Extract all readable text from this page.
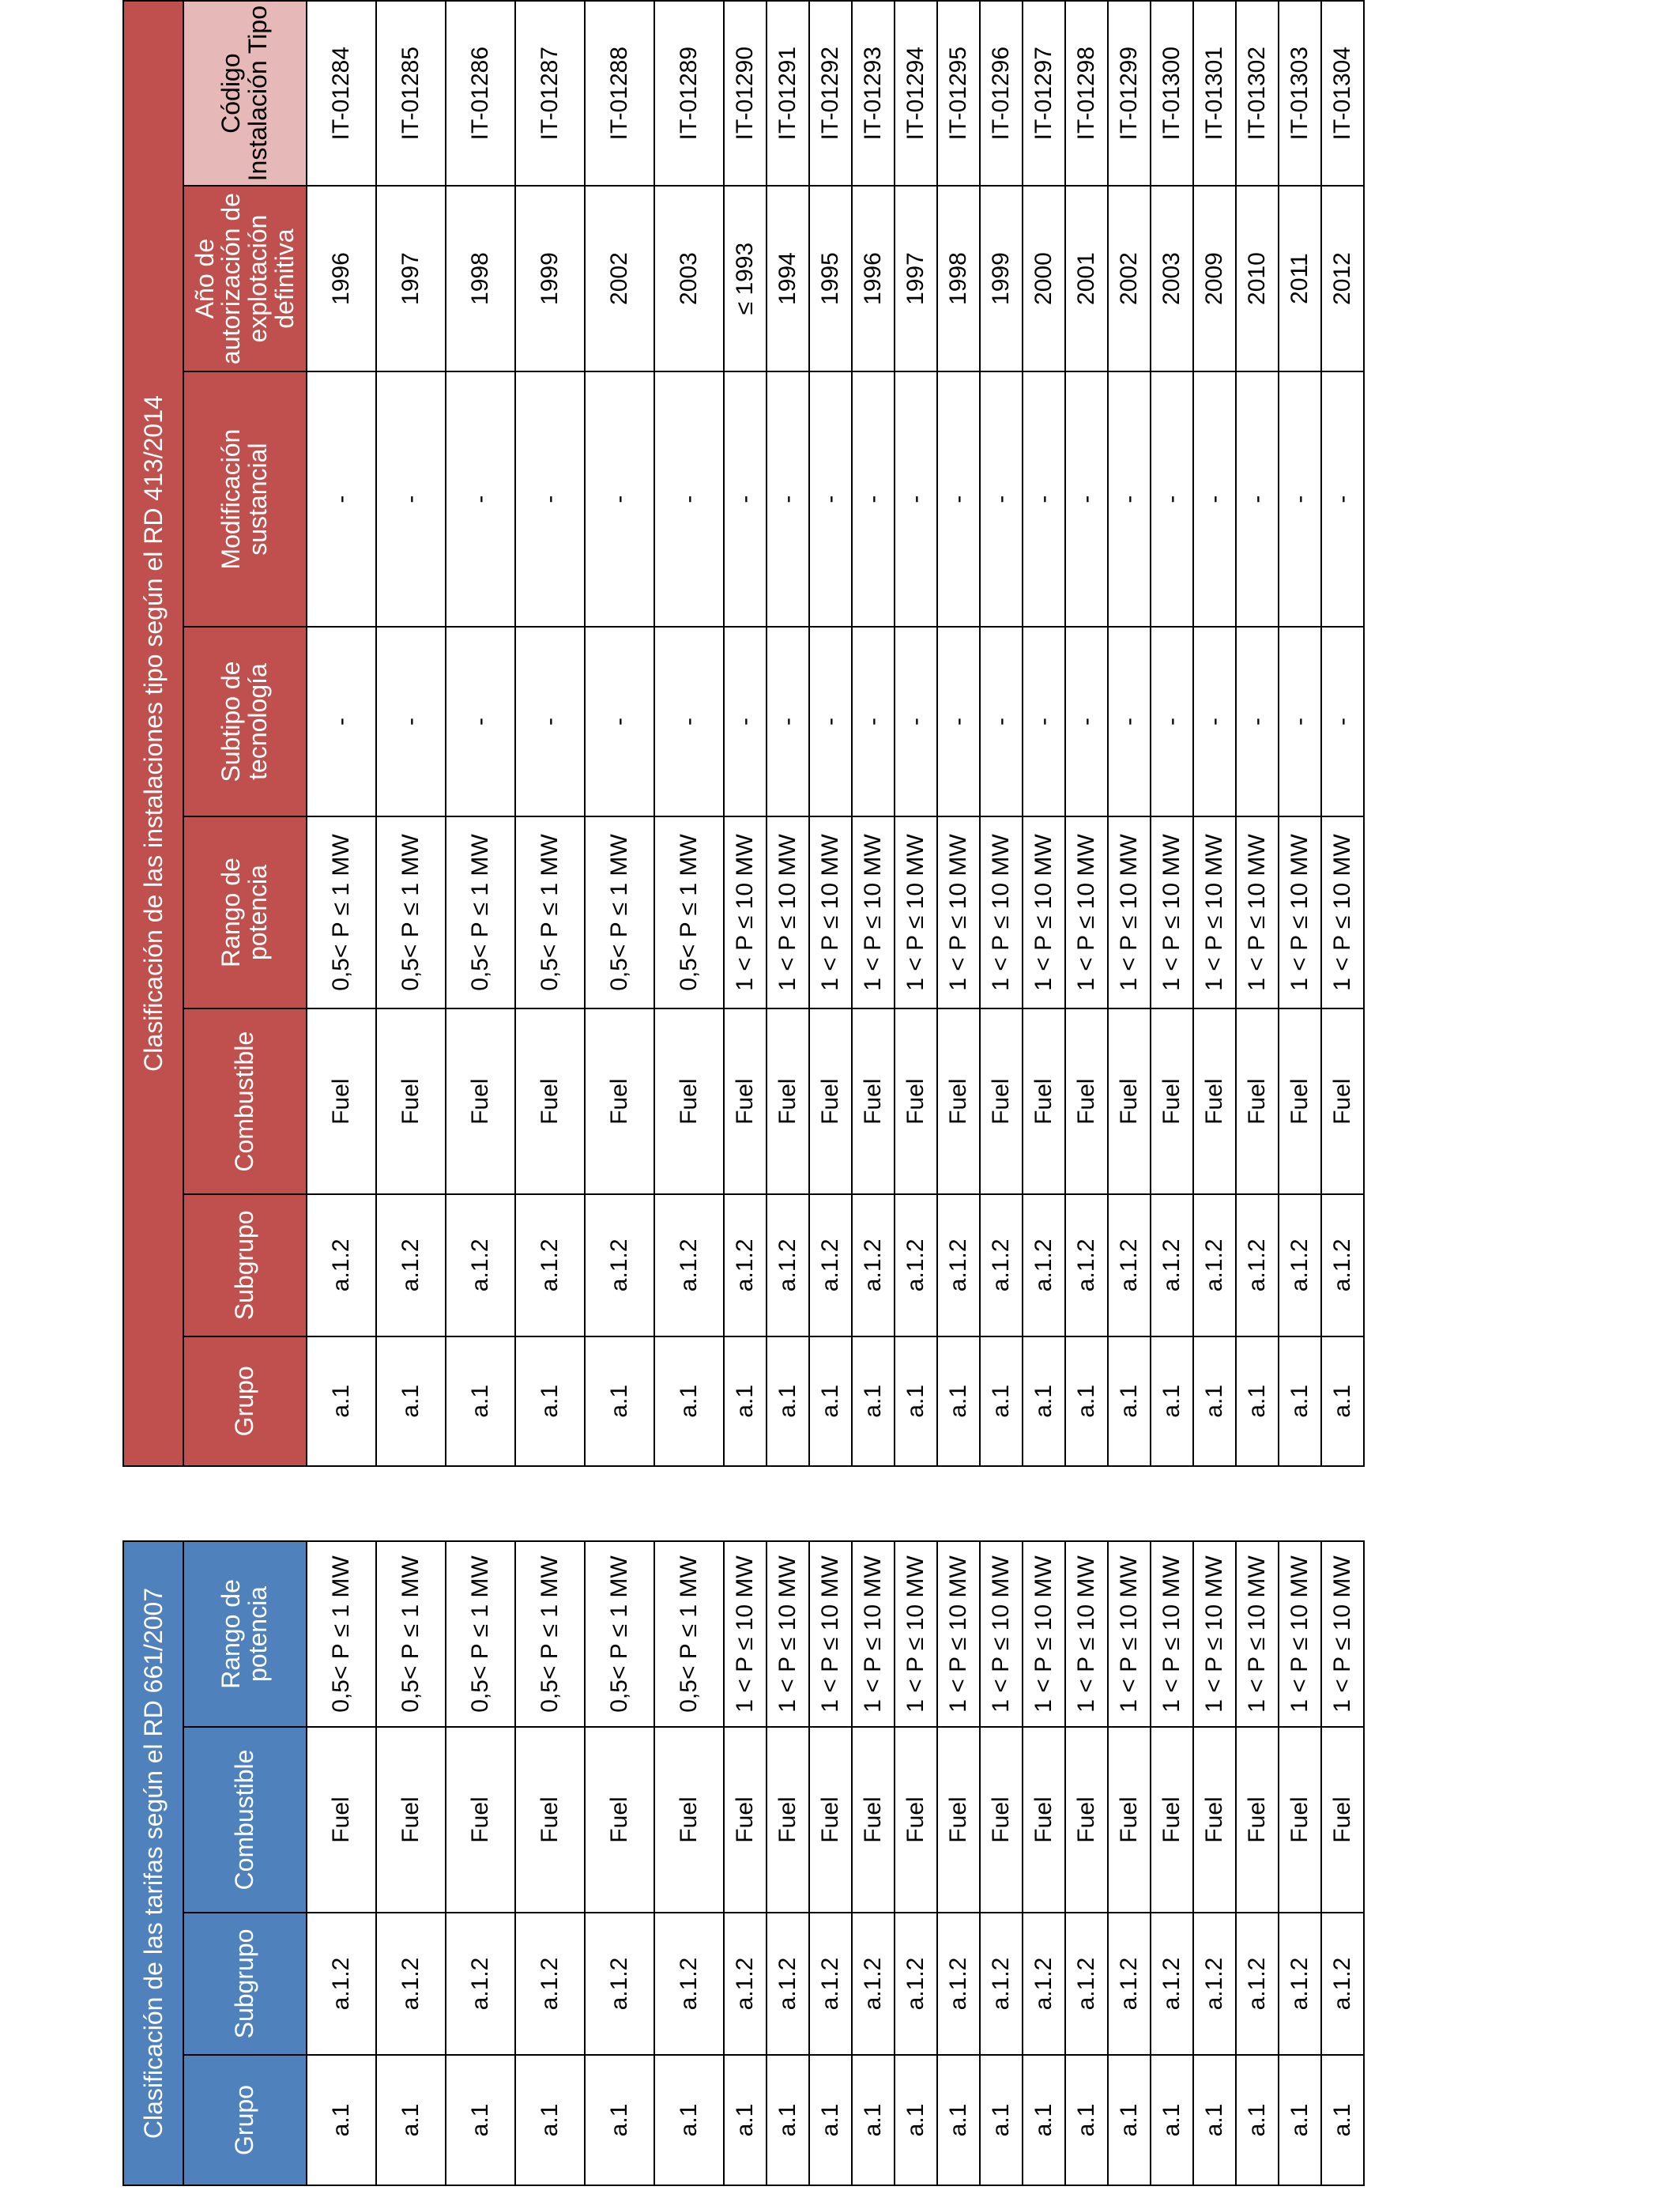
Clasificación de las tarifas según el RD 661/2007			
Grupo	Subgrupo	Combustible	Rango de potencia
a.1	a.1.2	Fuel	0,5< P ≤ 1 MW
a.1	a.1.2	Fuel	0,5< P ≤ 1 MW
a.1	a.1.2	Fuel	0,5< P ≤ 1 MW
a.1	a.1.2	Fuel	0,5< P ≤ 1 MW
a.1	a.1.2	Fuel	0,5< P ≤ 1 MW
a.1	a.1.2	Fuel	0,5< P ≤ 1 MW
a.1	a.1.2	Fuel	1 < P ≤ 10 MW
a.1	a.1.2	Fuel	1 < P ≤ 10 MW
a.1	a.1.2	Fuel	1 < P ≤ 10 MW
a.1	a.1.2	Fuel	1 < P ≤ 10 MW
a.1	a.1.2	Fuel	1 < P ≤ 10 MW
a.1	a.1.2	Fuel	1 < P ≤ 10 MW
a.1	a.1.2	Fuel	1 < P ≤ 10 MW
a.1	a.1.2	Fuel	1 < P ≤ 10 MW
a.1	a.1.2	Fuel	1 < P ≤ 10 MW
a.1	a.1.2	Fuel	1 < P ≤ 10 MW
a.1	a.1.2	Fuel	1 < P ≤ 10 MW
a.1	a.1.2	Fuel	1 < P ≤ 10 MW
a.1	a.1.2	Fuel	1 < P ≤ 10 MW
a.1	a.1.2	Fuel	1 < P ≤ 10 MW
a.1	a.1.2	Fuel	1 < P ≤ 10 MW
Clasificación de las instalaciones tipo según el RD 413/2014							
Grupo	Subgrupo	Combustible	Rango de potencia	Subtipo de tecnología	Modificación sustancial	Año de autorización de explotación definitiva	Código Instalación Tipo
a.1	a.1.2	Fuel	0,5< P ≤ 1 MW	-	-	1996	IT-01284
a.1	a.1.2	Fuel	0,5< P ≤ 1 MW	-	-	1997	IT-01285
a.1	a.1.2	Fuel	0,5< P ≤ 1 MW	-	-	1998	IT-01286
a.1	a.1.2	Fuel	0,5< P ≤ 1 MW	-	-	1999	IT-01287
a.1	a.1.2	Fuel	0,5< P ≤ 1 MW	-	-	2002	IT-01288
a.1	a.1.2	Fuel	0,5< P ≤ 1 MW	-	-	2003	IT-01289
a.1	a.1.2	Fuel	1 < P ≤ 10 MW	-	-	≤ 1993	IT-01290
a.1	a.1.2	Fuel	1 < P ≤ 10 MW	-	-	1994	IT-01291
a.1	a.1.2	Fuel	1 < P ≤ 10 MW	-	-	1995	IT-01292
a.1	a.1.2	Fuel	1 < P ≤ 10 MW	-	-	1996	IT-01293
a.1	a.1.2	Fuel	1 < P ≤ 10 MW	-	-	1997	IT-01294
a.1	a.1.2	Fuel	1 < P ≤ 10 MW	-	-	1998	IT-01295
a.1	a.1.2	Fuel	1 < P ≤ 10 MW	-	-	1999	IT-01296
a.1	a.1.2	Fuel	1 < P ≤ 10 MW	-	-	2000	IT-01297
a.1	a.1.2	Fuel	1 < P ≤ 10 MW	-	-	2001	IT-01298
a.1	a.1.2	Fuel	1 < P ≤ 10 MW	-	-	2002	IT-01299
a.1	a.1.2	Fuel	1 < P ≤ 10 MW	-	-	2003	IT-01300
a.1	a.1.2	Fuel	1 < P ≤ 10 MW	-	-	2009	IT-01301
a.1	a.1.2	Fuel	1 < P ≤ 10 MW	-	-	2010	IT-01302
a.1	a.1.2	Fuel	1 < P ≤ 10 MW	-	-	2011	IT-01303
a.1	a.1.2	Fuel	1 < P ≤ 10 MW	-	-	2012	IT-01304
